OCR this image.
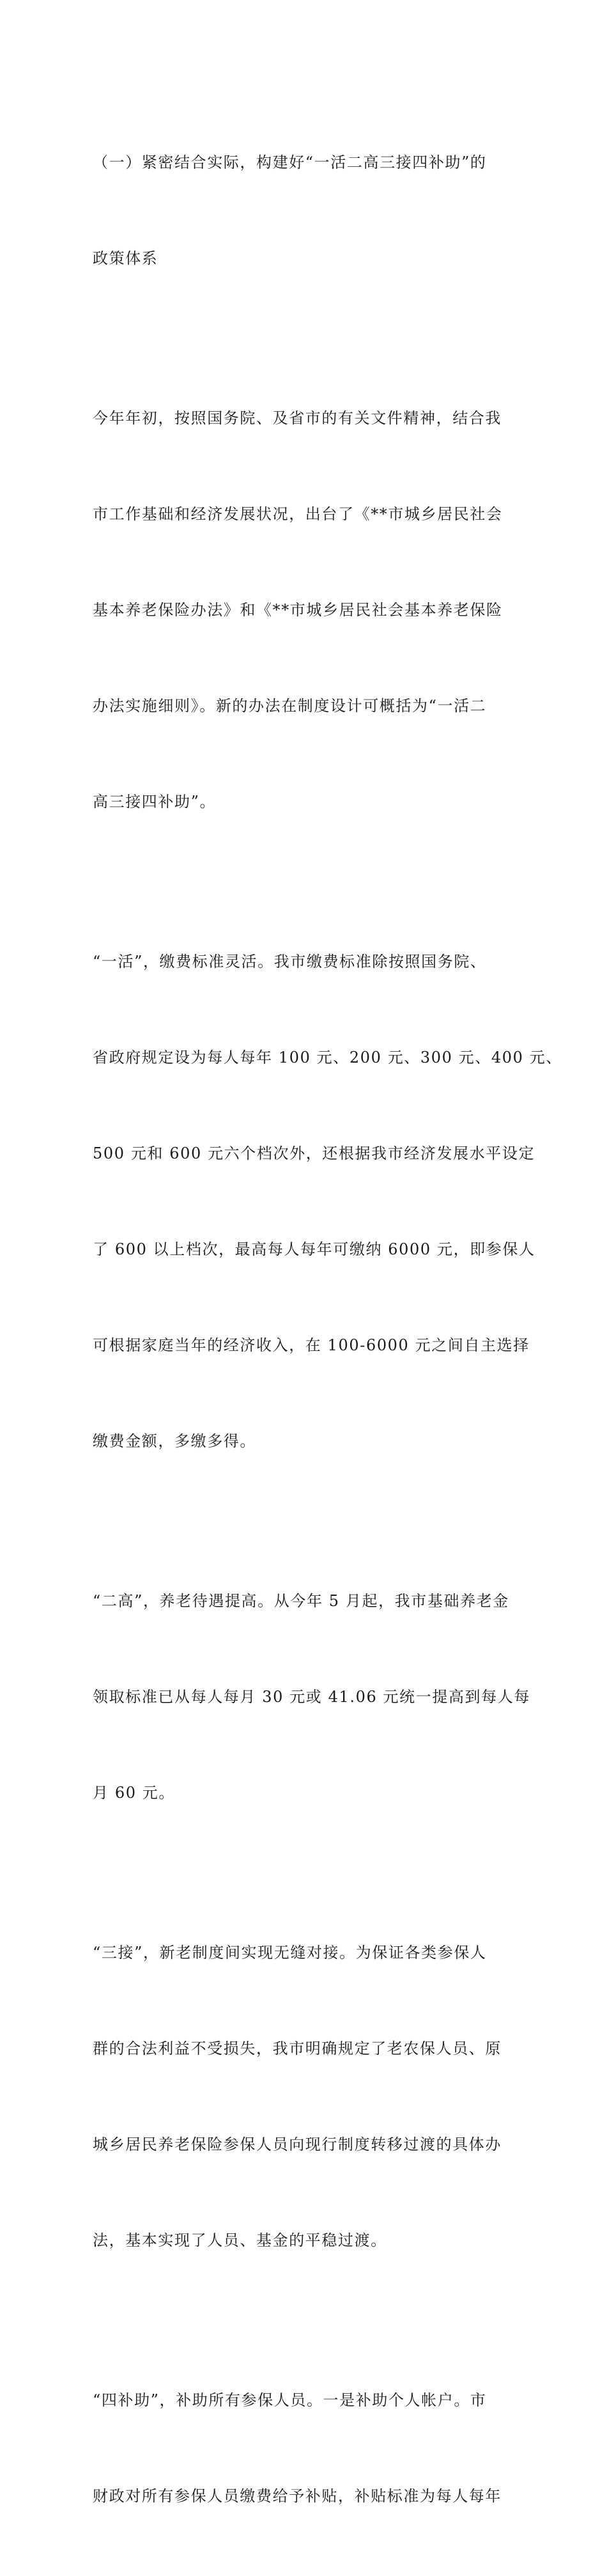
（一）紧密结合实际，构建好“一活二高三接四补助”的

政策体系

今年年初，按照国务院、及省市的有关文件精神，结合我

市工作基础和经济发展状况，出台了《**市城乡居民社会

基本养老保险办法》和《**市城乡居民社会基本养老保险

办法实施细则》。新的办法在制度设计可概括为“一活二

高三接四补助”。

“一活”，缴费标准灵活。我市缴费标准除按照国务院、

省政府规定设为每人每年 100 元、200 元、300 元、400 元、

500 元和 600 元六个档次外，还根据我市经济发展水平设定

了 600 以上档次，最高每人每年可缴纳 6000 元，即参保人

可根据家庭当年的经济收入，在 100-6000 元之间自主选择

缴费金额，多缴多得。

“二高”，养老待遇提高。从今年 5 月起，我市基础养老金

领取标准已从每人每月 30 元或 41.06 元统一提高到每人每

月 60 元。

“三接”，新老制度间实现无缝对接。为保证各类参保人

群的合法利益不受损失，我市明确规定了老农保人员、原

城乡居民养老保险参保人员向现行制度转移过渡的具体办

法，基本实现了人员、基金的平稳过渡。

“四补助”，补助所有参保人员。一是补助个人帐户。市

财政对所有参保人员缴费给予补贴，补贴标准为每人每年
